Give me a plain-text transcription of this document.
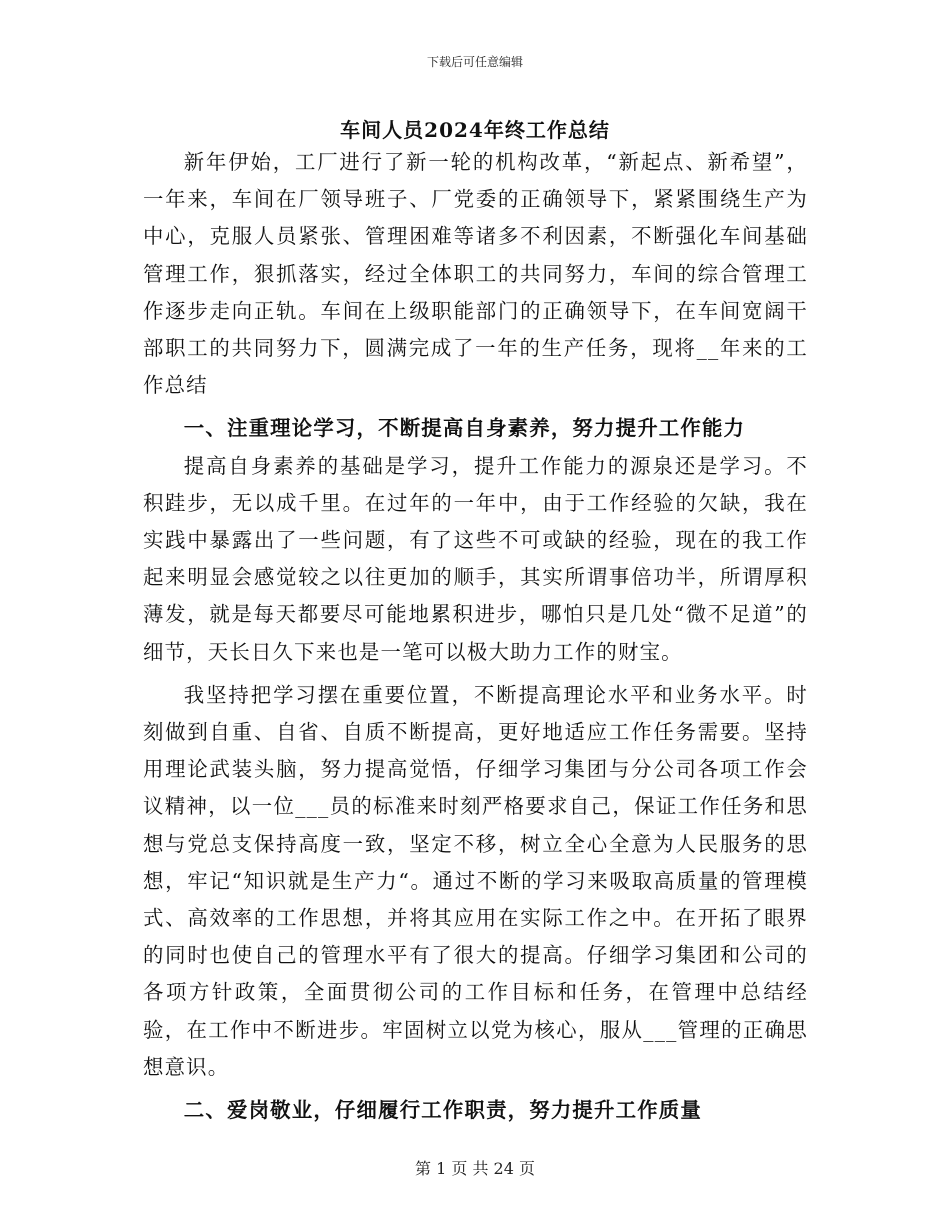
下载后可任意编辑
车间人员2024年终工作总结

新年伊始，工厂进行了新一轮的机构改革，“新起点、新希望”，一年来，车间在厂领导班子、厂党委的正确领导下，紧紧围绕生产为中心，克服人员紧张、管理困难等诸多不利因素，不断强化车间基础管理工作，狠抓落实，经过全体职工的共同努力，车间的综合管理工作逐步走向正轨。车间在上级职能部门的正确领导下，在车间宽阔干部职工的共同努力下，圆满完成了一年的生产任务，现将__年来的工作总结

一、注重理论学习，不断提高自身素养，努力提升工作能力

提高自身素养的基础是学习，提升工作能力的源泉还是学习。不积跬步，无以成千里。在过年的一年中，由于工作经验的欠缺，我在实践中暴露出了一些问题，有了这些不可或缺的经验，现在的我工作起来明显会感觉较之以往更加的顺手，其实所谓事倍功半，所谓厚积薄发，就是每天都要尽可能地累积进步，哪怕只是几处“微不足道”的细节，天长日久下来也是一笔可以极大助力工作的财宝。

我坚持把学习摆在重要位置，不断提高理论水平和业务水平。时刻做到自重、自省、自质不断提高，更好地适应工作任务需要。坚持用理论武装头脑，努力提高觉悟，仔细学习集团与分公司各项工作会议精神，以一位___员的标准来时刻严格要求自己，保证工作任务和思想与党总支保持高度一致，坚定不移，树立全心全意为人民服务的思想，牢记“知识就是生产力“。通过不断的学习来吸取高质量的管理模式、高效率的工作思想，并将其应用在实际工作之中。在开拓了眼界的同时也使自己的管理水平有了很大的提高。仔细学习集团和公司的各项方针政策，全面贯彻公司的工作目标和任务，在管理中总结经验，在工作中不断进步。牢固树立以党为核心，服从___管理的正确思想意识。

二、爱岗敬业，仔细履行工作职责，努力提升工作质量
第 1 页 共 24 页
